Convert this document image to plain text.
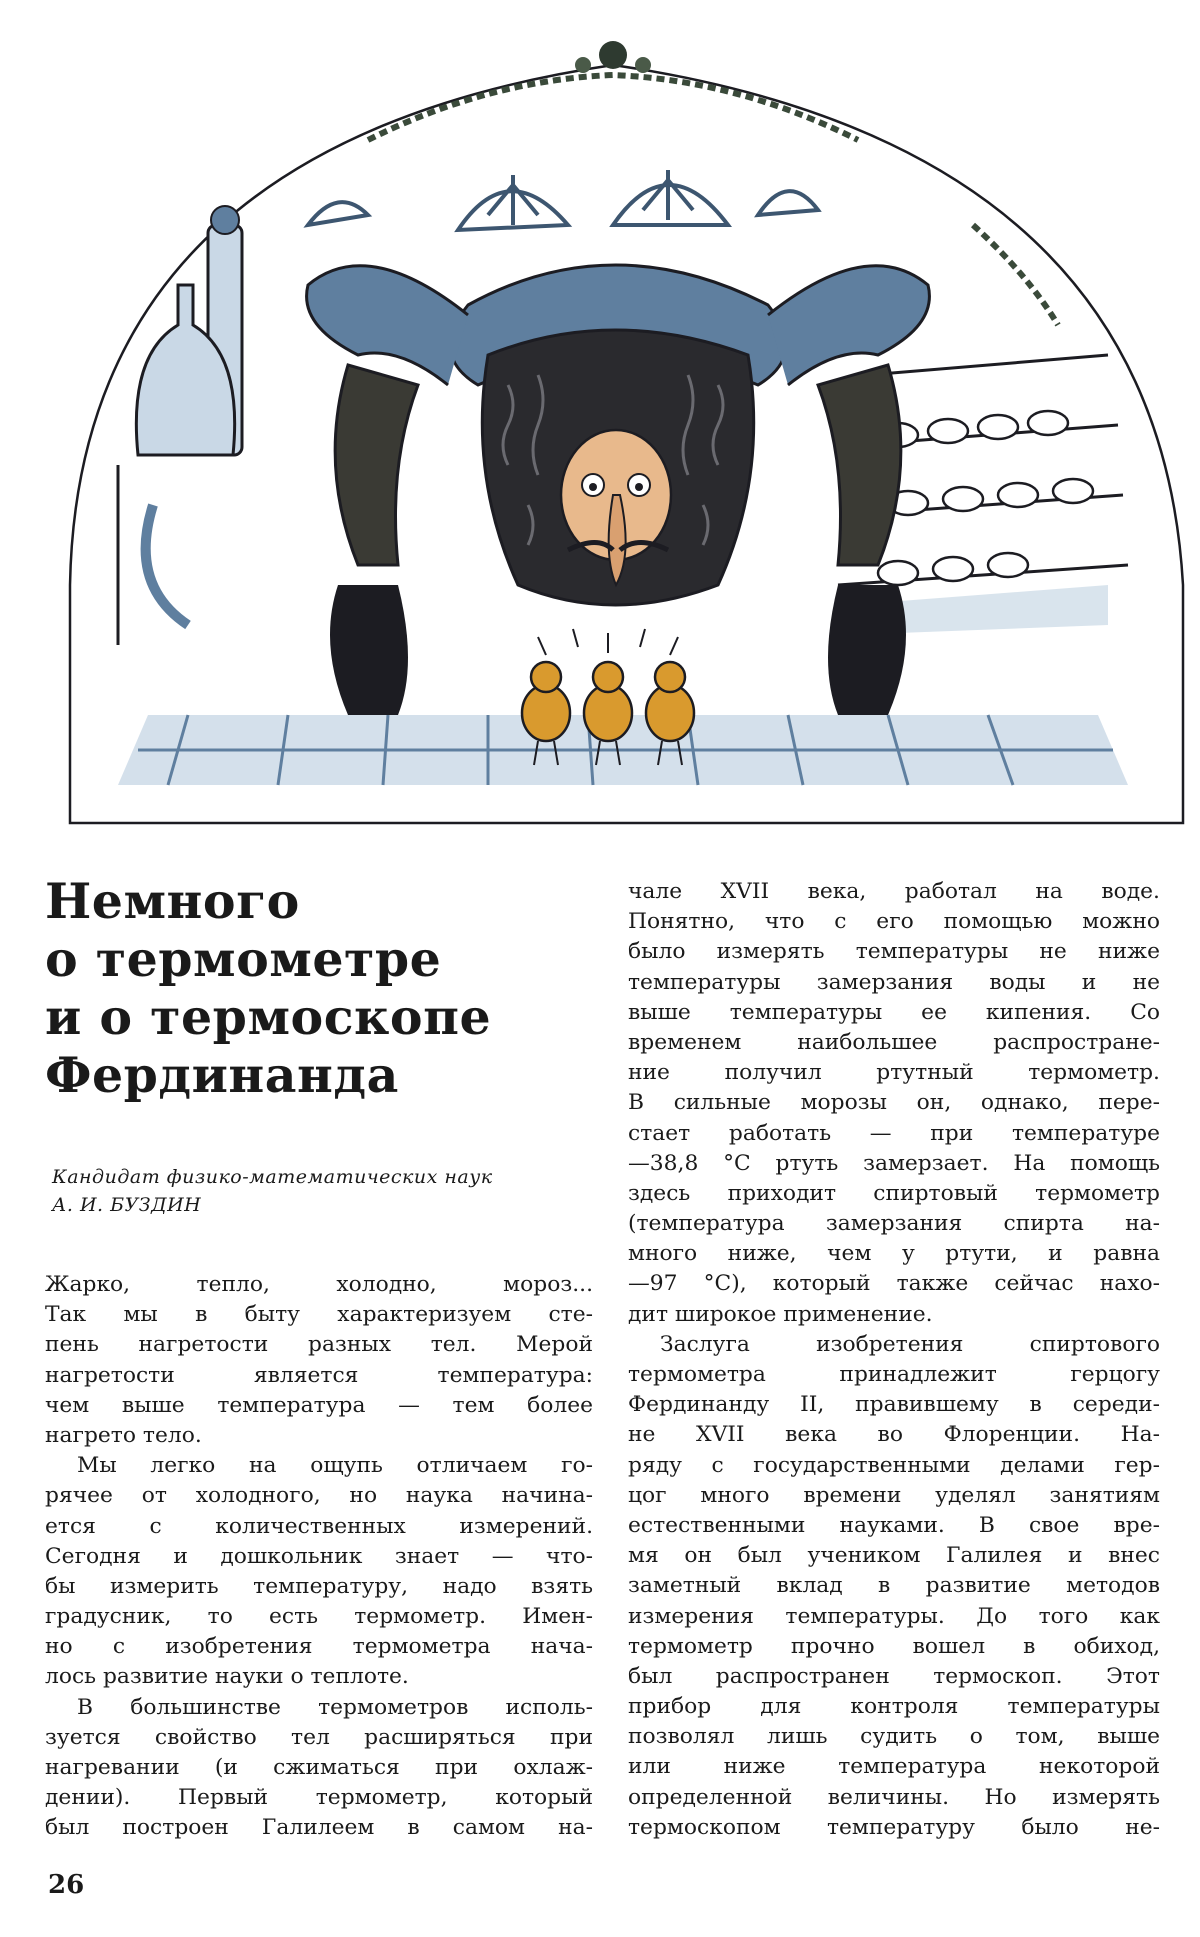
Немного
о термометре
и о термоскопе
Фердинанда
Кандидат физико-математических наук
А. И. БУЗДИН
Жарко, тепло, холодно, мороз...
Так мы в быту характеризуем сте-
пень нагретости разных тел. Мерой
нагретости является температура:
чем выше температура — тем более
нагрето тело.
Мы легко на ощупь отличаем го-
рячее от холодного, но наука начина-
ется с количественных измерений.
Сегодня и дошкольник знает — что-
бы измерить температуру, надо взять
градусник, то есть термометр. Имен-
но с изобретения термометра нача-
лось развитие науки о теплоте.
В большинстве термометров исполь-
зуется свойство тел расширяться при
нагревании (и сжиматься при охлаж-
дении). Первый термометр, который
был построен Галилеем в самом на-
чале XVII века, работал на воде.
Понятно, что с его помощью можно
было измерять температуры не ниже
температуры замерзания воды и не
выше температуры ее кипения. Со
временем наибольшее распростране-
ние получил ртутный термометр.
В сильные морозы он, однако, пере-
стает работать — при температуре
—38,8 °С ртуть замерзает. На помощь
здесь приходит спиртовый термометр
(температура замерзания спирта на-
много ниже, чем у ртути, и равна
—97 °С), который также сейчас нахо-
дит широкое применение.
Заслуга изобретения спиртового
термометра принадлежит герцогу
Фердинанду II, правившему в середи-
не XVII века во Флоренции. На-
ряду с государственными делами гер-
цог много времени уделял занятиям
естественными науками. В свое вре-
мя он был учеником Галилея и внес
заметный вклад в развитие методов
измерения температуры. До того как
термометр прочно вошел в обиход,
был распространен термоскоп. Этот
прибор для контроля температуры
позволял лишь судить о том, выше
или ниже температура некоторой
определенной величины. Но измерять
термоскопом температуру было не-
26
